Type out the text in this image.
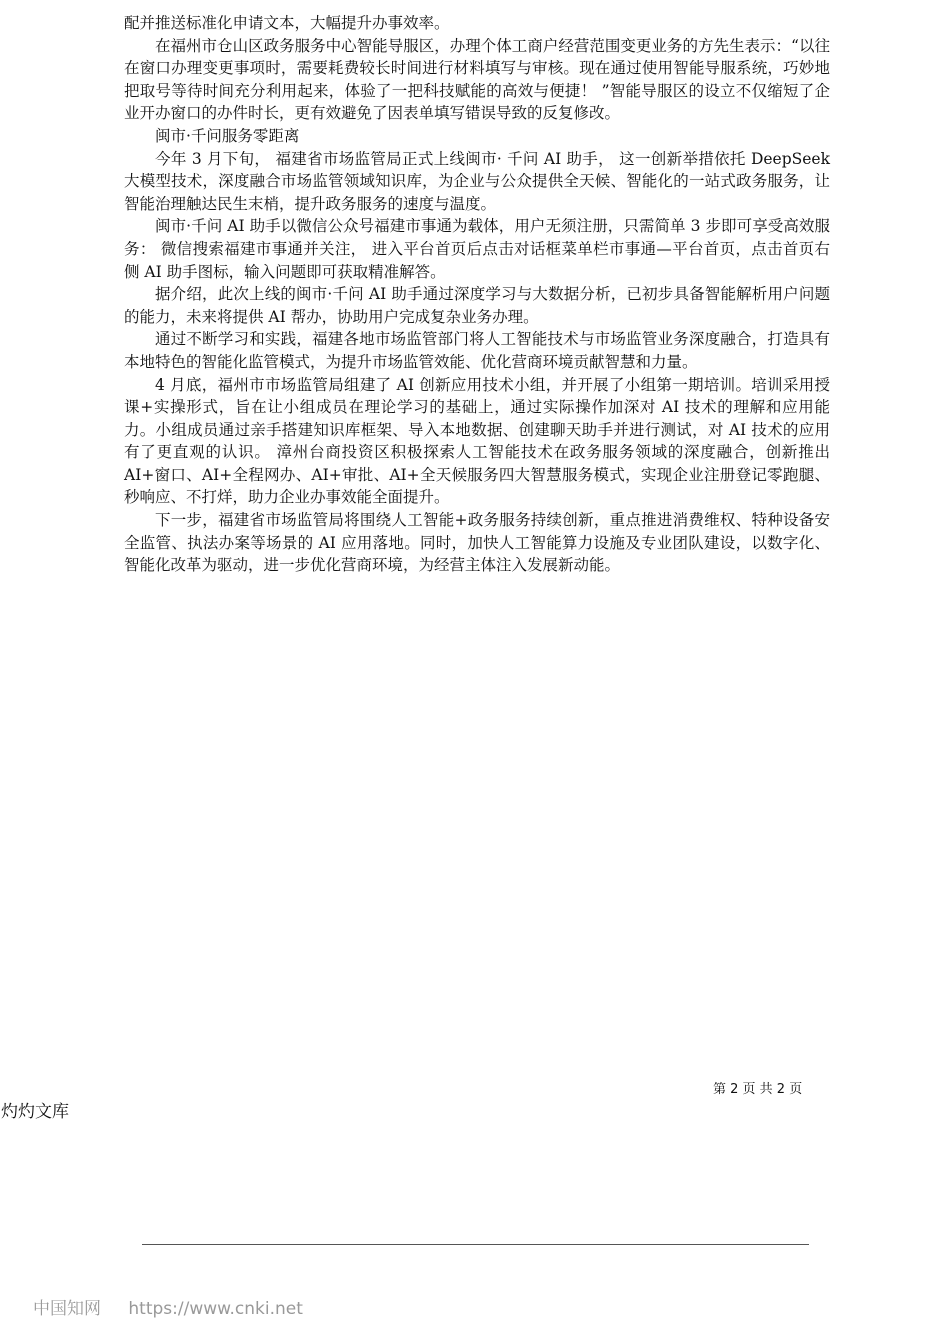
配并推送标准化申请文本，大幅提升办事效率。

在福州市仓山区政务服务中心智能导服区，办理个体工商户经营范围变更业务的方先生表示：“以往在窗口办理变更事项时，需要耗费较长时间进行材料填写与审核。现在通过使用智能导服系统，巧妙地把取号等待时间充分利用起来，体验了一把科技赋能的高效与便捷！ ”智能导服区的设立不仅缩短了企业开办窗口的办件时长，更有效避免了因表单填写错误导致的反复修改。

闽市·千问服务零距离

今年 3 月下旬， 福建省市场监管局正式上线闽市· 千问 AI 助手， 这一创新举措依托 DeepSeek 大模型技术，深度融合市场监管领域知识库，为企业与公众提供全天候、智能化的一站式政务服务，让智能治理触达民生末梢，提升政务服务的速度与温度。

闽市·千问 AI 助手以微信公众号福建市事通为载体，用户无须注册，只需简单 3 步即可享受高效服务： 微信搜索福建市事通并关注， 进入平台首页后点击对话框菜单栏市事通—平台首页，点击首页右侧 AI 助手图标，输入问题即可获取精准解答。

据介绍，此次上线的闽市·千问 AI 助手通过深度学习与大数据分析，已初步具备智能解析用户问题的能力，未来将提供 AI 帮办，协助用户完成复杂业务办理。

通过不断学习和实践，福建各地市场监管部门将人工智能技术与市场监管业务深度融合，打造具有本地特色的智能化监管模式，为提升市场监管效能、优化营商环境贡献智慧和力量。

4 月底，福州市市场监管局组建了 AI 创新应用技术小组，并开展了小组第一期培训。培训采用授课+实操形式，旨在让小组成员在理论学习的基础上，通过实际操作加深对 AI 技术的理解和应用能力。小组成员通过亲手搭建知识库框架、导入本地数据、创建聊天助手并进行测试，对 AI 技术的应用有了更直观的认识。 漳州台商投资区积极探索人工智能技术在政务服务领域的深度融合，创新推出 AI+窗口、AI+全程网办、AI+审批、AI+全天候服务四大智慧服务模式，实现企业注册登记零跑腿、秒响应、不打烊，助力企业办事效能全面提升。

下一步，福建省市场监管局将围绕人工智能+政务服务持续创新，重点推进消费维权、特种设备安全监管、执法办案等场景的 AI 应用落地。同时，加快人工智能算力设施及专业团队建设，以数字化、智能化改革为驱动，进一步优化营商环境，为经营主体注入发展新动能。

第 2 页 共 2 页
灼灼文库
中国知网 https://www.cnki.net
